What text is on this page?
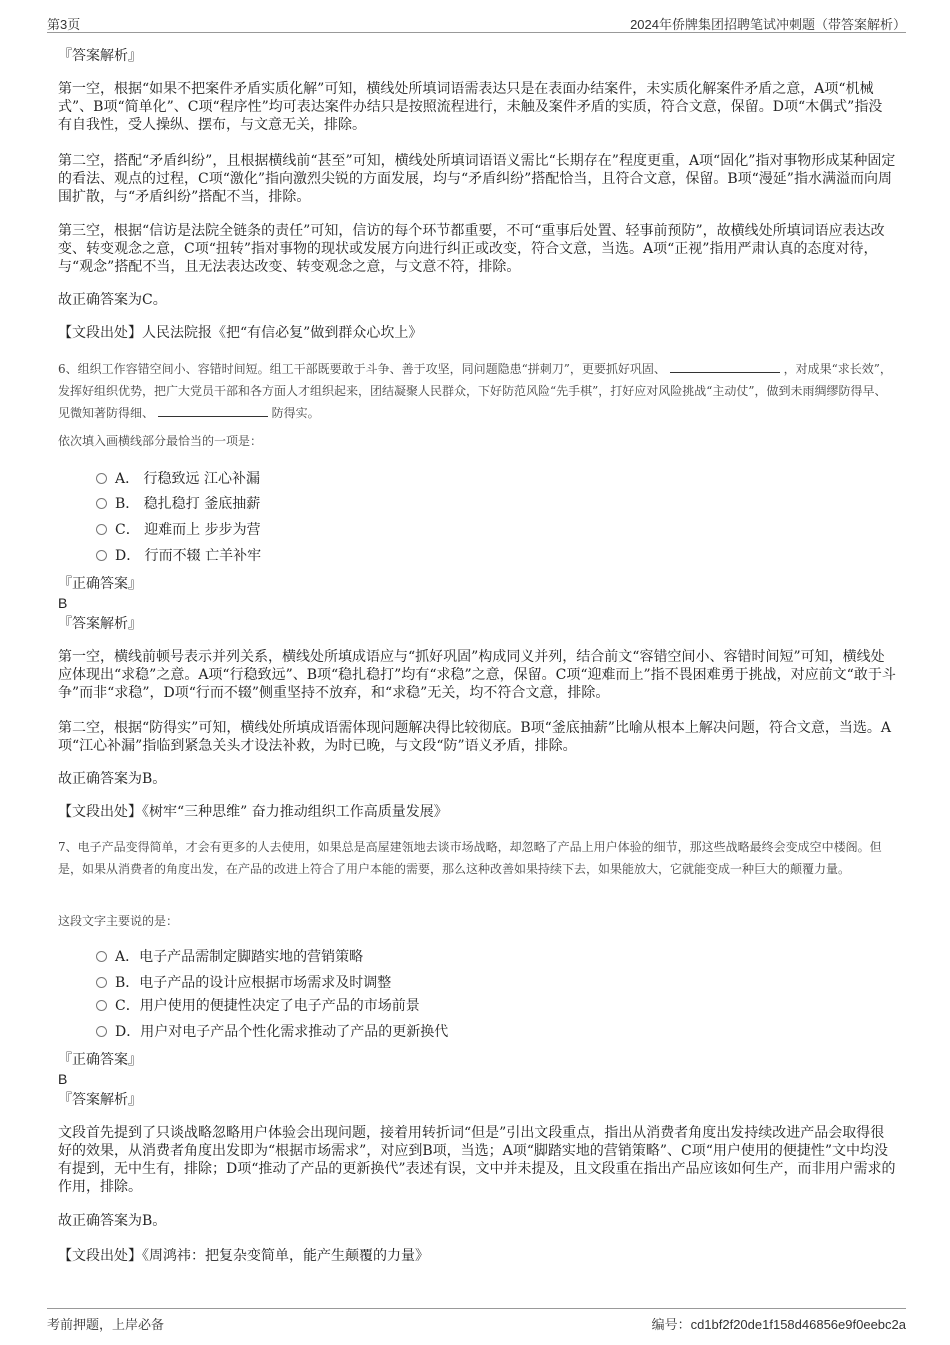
第3页	2024年侨牌集团招聘笔试冲刺题（带答案解析）
『答案解析』

第一空，根据“如果不把案件矛盾实质化解”可知，横线处所填词语需表达只是在表面办结案件，未实质化解案件矛盾之意，A项“机械式”、B项“简单化”、C项“程序性”均可表达案件办结只是按照流程进行，未触及案件矛盾的实质，符合文意，保留。D项“木偶式”指没有自我性，受人操纵、摆布，与文意无关，排除。

第二空，搭配“矛盾纠纷”，且根据横线前“甚至”可知，横线处所填词语语义需比“长期存在”程度更重，A项“固化”指对事物形成某种固定的看法、观点的过程，C项“激化”指向激烈尖锐的方面发展，均与“矛盾纠纷”搭配恰当，且符合文意，保留。B项“漫延”指水满溢而向周围扩散，与“矛盾纠纷”搭配不当，排除。

第三空，根据“信访是法院全链条的责任”可知，信访的每个环节都重要，不可“重事后处置、轻事前预防”，故横线处所填词语应表达改变、转变观念之意，C项“扭转”指对事物的现状或发展方向进行纠正或改变，符合文意，当选。A项“正视”指用严肃认真的态度对待，与“观念”搭配不当，且无法表达改变、转变观念之意，与文意不符，排除。

故正确答案为C。
【文段出处】人民法院报《把“有信必复”做到群众心坎上》

6、组织工作容错空间小、容错时间短。组工干部既要敢于斗争、善于攻坚，同问题隐患“拼刺刀”，更要抓好巩固、	，对成果“求长效”，发挥好组织优势，把广大党员干部和各方面人才组织起来，团结凝聚人民群众，下好防范风险“先手棋”，打好应对风险挑战“主动仗”，做到未雨绸缪防得早、见微知著防得细、	防得实。

依次填入画横线部分最恰当的一项是：
A． 行稳致远 江心补漏
B． 稳扎稳打 釜底抽薪
C． 迎难而上 步步为营
D． 行而不辍 亡羊补牢
『正确答案』
B
『答案解析』

第一空，横线前顿号表示并列关系，横线处所填成语应与“抓好巩固”构成同义并列，结合前文“容错空间小、容错时间短”可知，横线处应体现出“求稳”之意。A项“行稳致远”、B项“稳扎稳打”均有“求稳”之意，保留。C项“迎难而上”指不畏困难勇于挑战，对应前文“敢于斗争”而非“求稳”，D项“行而不辍”侧重坚持不放弃，和“求稳”无关，均不符合文意，排除。

第二空，根据“防得实”可知，横线处所填成语需体现问题解决得比较彻底。B项“釜底抽薪”比喻从根本上解决问题，符合文意，当选。A项“江心补漏”指临到紧急关头才设法补救，为时已晚，与文段“防”语义矛盾，排除。

故正确答案为B。
【文段出处】《树牢“三种思维” 奋力推动组织工作高质量发展》

7、电子产品变得简单，才会有更多的人去使用，如果总是高屋建瓴地去谈市场战略，却忽略了产品上用户体验的细节，那这些战略最终会变成空中楼阁。但是，如果从消费者的角度出发，在产品的改进上符合了用户本能的需要，那么这种改善如果持续下去，如果能放大，它就能变成一种巨大的颠覆力量。

这段文字主要说的是：
A．电子产品需制定脚踏实地的营销策略
B．电子产品的设计应根据市场需求及时调整
C．用户使用的便捷性决定了电子产品的市场前景
D．用户对电子产品个性化需求推动了产品的更新换代
『正确答案』
B
『答案解析』

文段首先提到了只谈战略忽略用户体验会出现问题，接着用转折词“但是”引出文段重点，指出从消费者角度出发持续改进产品会取得很好的效果，从消费者角度出发即为“根据市场需求”，对应到B项，当选；A项“脚踏实地的营销策略”、C项“用户使用的便捷性”文中均没有提到，无中生有，排除；D项“推动了产品的更新换代”表述有误，文中并未提及，且文段重在指出产品应该如何生产，而非用户需求的作用，排除。

故正确答案为B。
【文段出处】《周鸿祎：把复杂变简单，能产生颠覆的力量》
考前押题，上岸必备	编号：cd1bf2f20de1f158d46856e9f0eebc2a
